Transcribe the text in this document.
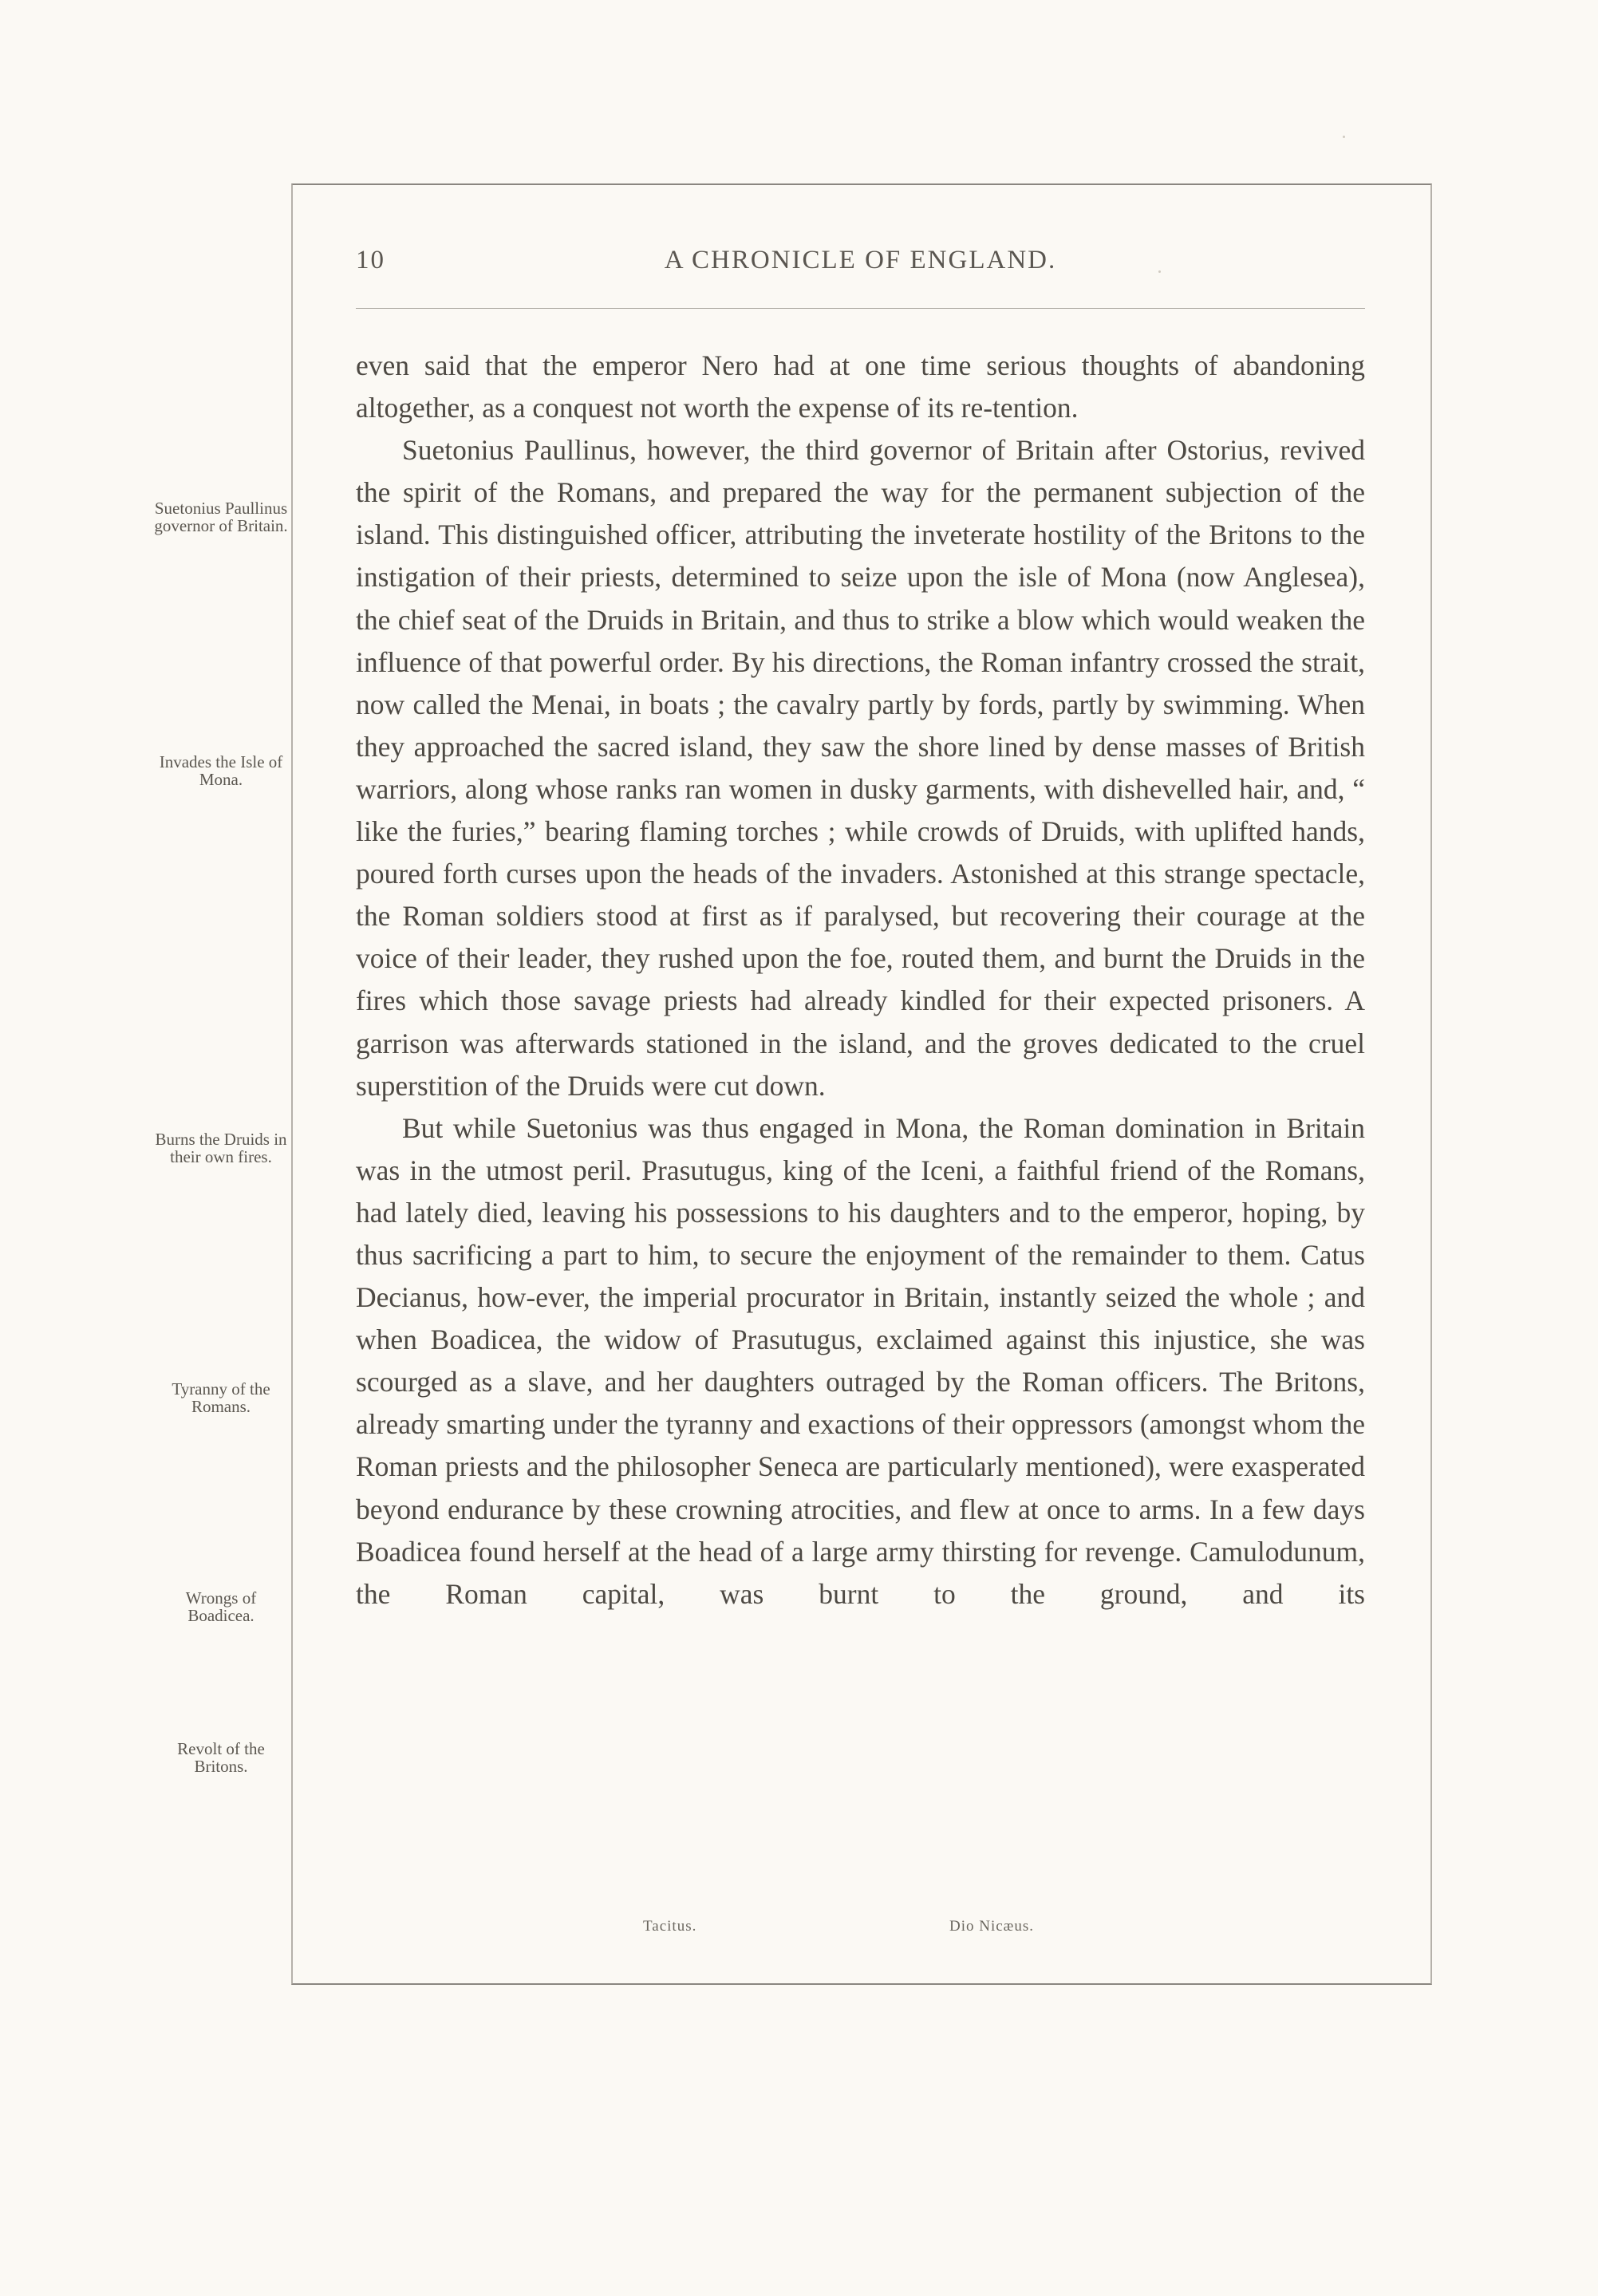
10	A CHRONICLE OF ENGLAND.
Suetonius Paullinus governor of Britain.
Invades the Isle of Mona.
Burns the Druids in their own fires.
Tyranny of the Romans.
Wrongs of Boadicea.
Revolt of the Britons.

even said that the emperor Nero had at one time serious thoughts of abandoning altogether, as a conquest not worth the expense of its re-tention.

Suetonius Paullinus, however, the third governor of Britain after Ostorius, revived the spirit of the Romans, and prepared the way for the permanent subjection of the island. This distinguished officer, attributing the inveterate hostility of the Britons to the instigation of their priests, determined to seize upon the isle of Mona (now Anglesea), the chief seat of the Druids in Britain, and thus to strike a blow which would weaken the influence of that powerful order. By his directions, the Roman infantry crossed the strait, now called the Menai, in boats ; the cavalry partly by fords, partly by swimming. When they approached the sacred island, they saw the shore lined by dense masses of British warriors, along whose ranks ran women in dusky garments, with dishevelled hair, and, “ like the furies,” bearing flaming torches ; while crowds of Druids, with uplifted hands, poured forth curses upon the heads of the invaders. Astonished at this strange spectacle, the Roman soldiers stood at first as if paralysed, but recovering their courage at the voice of their leader, they rushed upon the foe, routed them, and burnt the Druids in the fires which those savage priests had already kindled for their expected prisoners. A garrison was afterwards stationed in the island, and the groves dedicated to the cruel superstition of the Druids were cut down.

But while Suetonius was thus engaged in Mona, the Roman domination in Britain was in the utmost peril. Prasutugus, king of the Iceni, a faithful friend of the Romans, had lately died, leaving his possessions to his daughters and to the emperor, hoping, by thus sacrificing a part to him, to secure the enjoyment of the remainder to them. Catus Decianus, how-ever, the imperial procurator in Britain, instantly seized the whole ; and when Boadicea, the widow of Prasutugus, exclaimed against this injustice, she was scourged as a slave, and her daughters outraged by the Roman officers. The Britons, already smarting under the tyranny and exactions of their oppressors (amongst whom the Roman priests and the philosopher Seneca are particularly mentioned), were exasperated beyond endurance by these crowning atrocities, and flew at once to arms. In a few days Boadicea found herself at the head of a large army thirsting for revenge. Camulodunum, the Roman capital, was burnt to the ground, and its

Tacitus.	Dio Nicæus.
